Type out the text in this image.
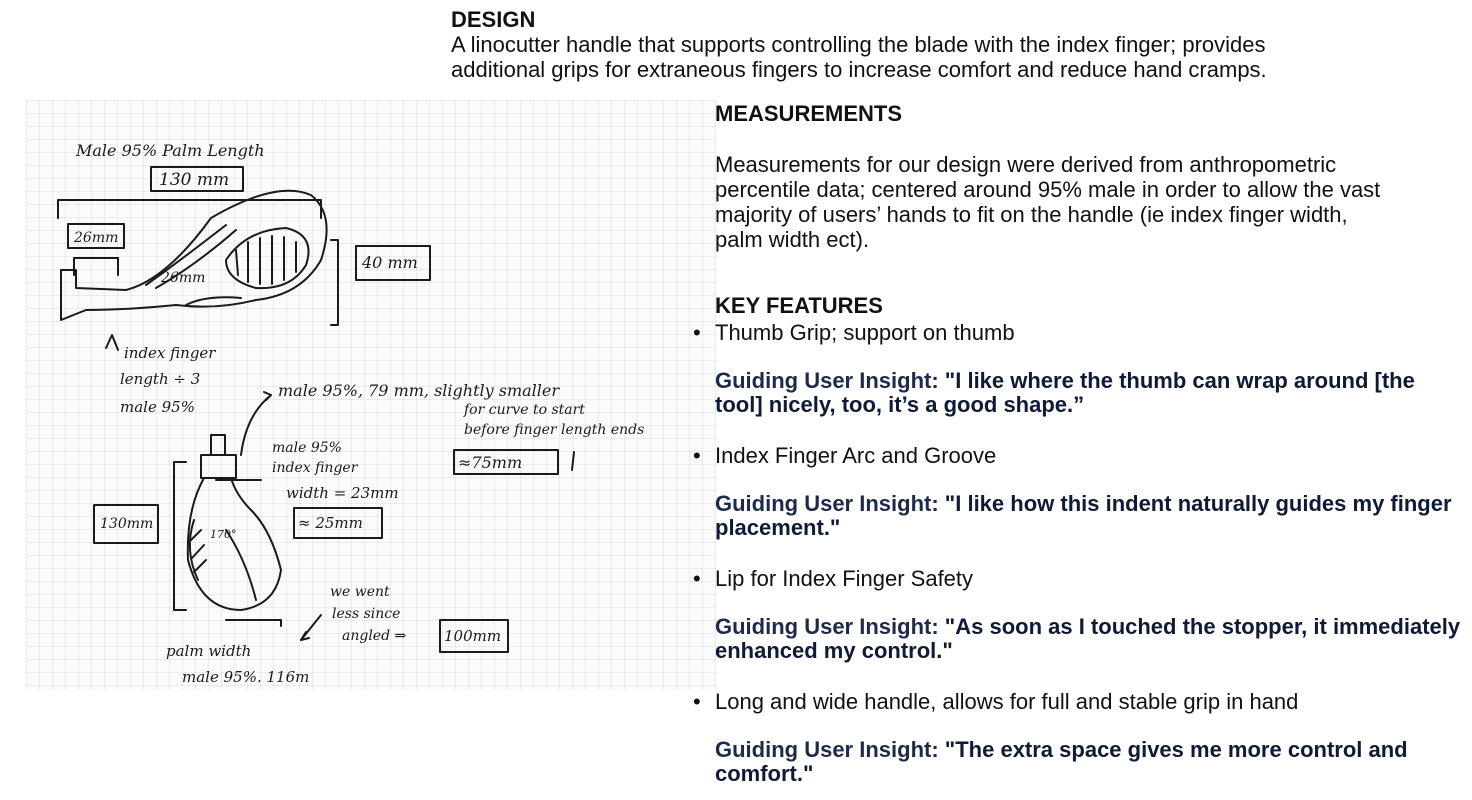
DESIGN

A linocutter handle that supports controlling the blade with the index finger; provides

additional grips for extraneous fingers to increase comfort and reduce hand cramps.

Male 95% Palm Length
130 mm
26mm
26mm
40 mm
index finger
length ÷ 3
male 95%
male 95%, 79 mm, slightly smaller
for curve to start
before finger length ends
≈75mm
male 95%
index finger
width = 23mm
≈ 25mm
130mm
170°
we went
less since
angled ⇒	100mm
palm width
male 95%. 116m

MEASUREMENTS

Measurements for our design were derived from anthropometric percentile data; centered around 95% male in order to allow the vast majority of users’ hands to fit on the handle (ie index finger width, palm width ect).

KEY FEATURES

• Thumb Grip; support on thumb
Guiding User Insight: "I like where the thumb can wrap around [the tool] nicely, too, it’s a good shape.”
• Index Finger Arc and Groove
Guiding User Insight: "I like how this indent naturally guides my finger placement."
• Lip for Index Finger Safety
Guiding User Insight: "As soon as I touched the stopper, it immediately enhanced my control."
• Long and wide handle, allows for full and stable grip in hand
Guiding User Insight: "The extra space gives me more control and comfort."
